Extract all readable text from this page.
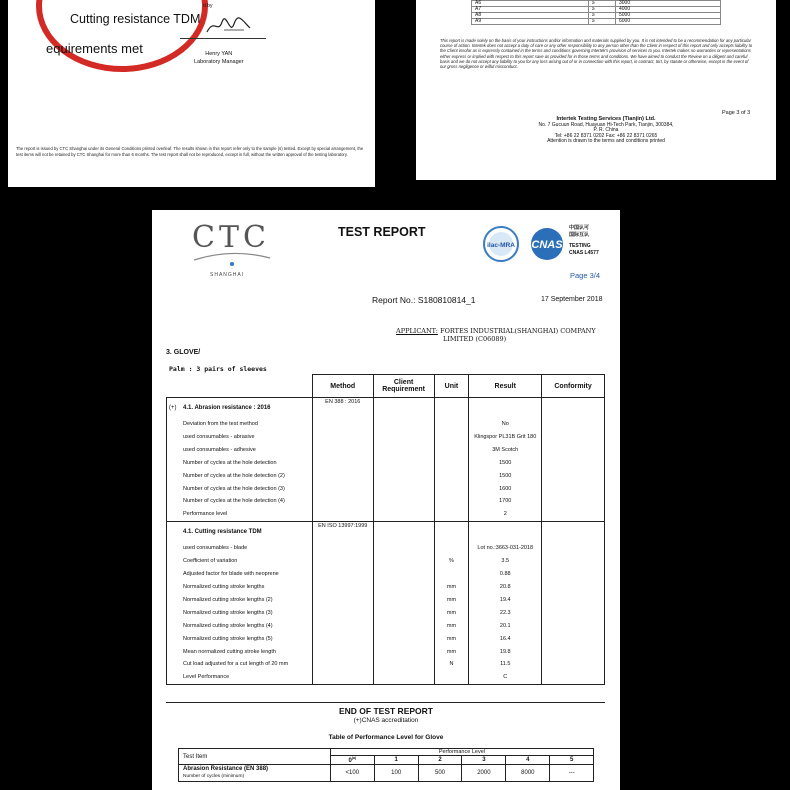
Cutting resistance TDM
equirements met
d by
Henry YAN
Laboratory Manager
The report is issued by CTC Shanghai under its General Conditions printed overleaf. The results shown in this report refer only to the sample (s) tested. Except by special arrangement, the test items will not be retained by CTC Shanghai for more than 6 months. The test report shall not be reproduced, except in full, without the written approval of the testing laboratory.
A6	≥	3000
A7	≥	4000
A8	≥	5000
A9	≥	6000
This report is made solely on the basis of your instructions and/or information and materials supplied by you. It is not intended to be a recommendation for any particular course of action. Intertek does not accept a duty of care or any other responsibility to any person other than the Client in respect of this report and only accepts liability to the Client insofar as is expressly contained in the terms and conditions governing Intertek's provision of services to you. Intertek makes no warranties or representations either express or implied with respect to this report save as provided for in those terms and conditions. We have aimed to conduct the Review on a diligent and careful basis and we do not accept any liability to you for any loss arising out of or in connection with this report, in contract, tort, by statute or otherwise, except in the event of our gross negligence or wilful misconduct.
Page 3 of 3
Intertek Testing Services (Tianjin) Ltd.
No. 7 Gucuun Road, Huayuan Hi-Tech Park, Tianjin, 300384, P. R. China
Tel: +86 22 8371 0202 Fax: +86 22 8371 0265
Attention is drawn to the terms and conditions printed
CTC
SHANGHAI
TEST REPORT
ilac-MRA CNAS
中国认可
国际互认
TESTING
CNAS L4577
Page 3/4
Report No.: S180810814_1	17 September 2018
APPLICANT: FORTES INDUSTRIAL(SHANGHAI) COMPANY
LIMITED (C06089)
3. GLOVE/
Palm : 3 pairs of sleeves
	Method	Client Requirement	Unit	Result	Conformity
(+) 4.1. Abrasion resistance : 2016	EN 388 : 2016				
Deviation from the test method				No	
used consumables - abrasive				Klingspor PL31B Grit 180	
used consumables - adhesive				3M Scotch	
Number of cycles at the hole detection				1500	
Number of cycles at the hole detection (2)				1500	
Number of cycles at the hole detection (3)				1600	
Number of cycles at the hole detection (4)				1700	
Performance level				2	
4.1. Cutting resistance TDM	EN ISO 13997:1999				
used consumables - blade				Lot no.:3663-031-2018	
Coefficient of variation			%	3.5	
Adjusted factor for blade with neoprene				0.88	
Normalized cutting stroke lengths			mm	20.8	
Normalized cutting stroke lengths (2)			mm	19.4	
Normalized cutting stroke lengths (3)			mm	22.3	
Normalized cutting stroke lengths (4)			mm	20.1	
Normalized cutting stroke lengths (5)			mm	16.4	
Mean normalized cutting stroke length			mm	19.8	
Cut load adjusted for a cut length of 20 mm			N	11.5	
Level Performance				C	
END OF TEST REPORT
(+)CNAS accreditation
Table of Performance Level for Glove
Test Item	Performance Level					
	0$^{(a)}$	1	2	3	4	5
Abrasion Resistance (EN 388)
Number of cycles (minimum)	<100	100	500	2000	8000	---
